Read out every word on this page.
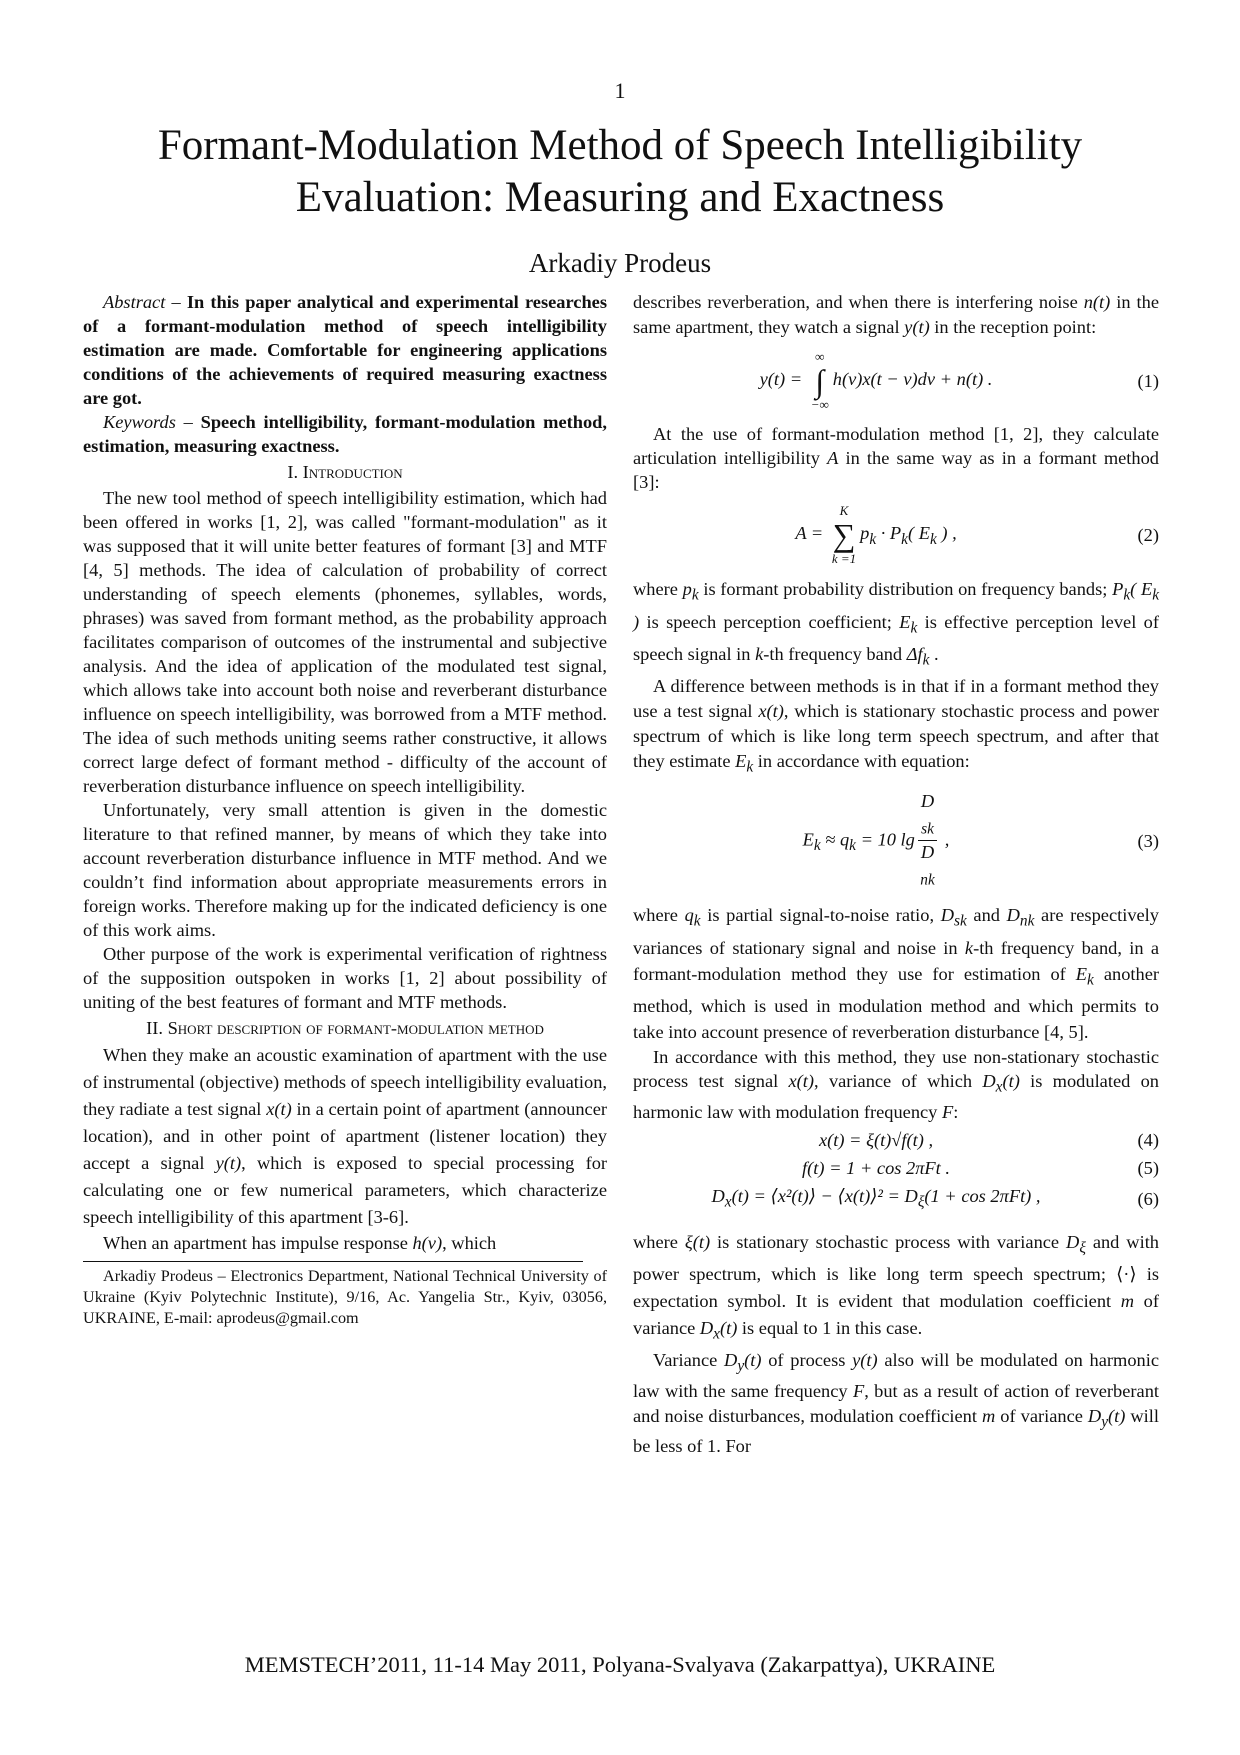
1
Formant-Modulation Method of Speech Intelligibility Evaluation: Measuring and Exactness
Arkadiy Prodeus

Abstract – In this paper analytical and experimental researches of a formant-modulation method of speech intelligibility estimation are made. Comfortable for engineering applications conditions of the achievements of required measuring exactness are got.

Keywords – Speech intelligibility, formant-modulation method, estimation, measuring exactness.

I. Introduction

The new tool method of speech intelligibility estimation, which had been offered in works [1, 2], was called "formant-modulation" as it was supposed that it will unite better features of formant [3] and MTF [4, 5] methods. The idea of calculation of probability of correct understanding of speech elements (phonemes, syllables, words, phrases) was saved from formant method, as the probability approach facilitates comparison of outcomes of the instrumental and subjective analysis. And the idea of application of the modulated test signal, which allows take into account both noise and reverberant disturbance influence on speech intelligibility, was borrowed from a MTF method. The idea of such methods uniting seems rather constructive, it allows correct large defect of formant method - difficulty of the account of reverberation disturbance influence on speech intelligibility.

Unfortunately, very small attention is given in the domestic literature to that refined manner, by means of which they take into account reverberation disturbance influence in MTF method. And we couldn’t find information about appropriate measurements errors in foreign works. Therefore making up for the indicated deficiency is one of this work aims.

Other purpose of the work is experimental verification of rightness of the supposition outspoken in works [1, 2] about possibility of uniting of the best features of formant and MTF methods.

II. Short description of formant-modulation method

When they make an acoustic examination of apartment with the use of instrumental (objective) methods of speech intelligibility evaluation, they radiate a test signal x(t) in a certain point of apartment (announcer location), and in other point of apartment (listener location) they accept a signal y(t), which is exposed to special processing for calculating one or few numerical parameters, which characterize speech intelligibility of this apartment [3-6].

When an apartment has impulse response h(v), which

Arkadiy Prodeus – Electronics Department, National Technical University of Ukraine (Kyiv Polytechnic Institute), 9/16, Ac. Yangelia Str., Kyiv, 03056, UKRAINE, E-mail: aprodeus@gmail.com

describes reverberation, and when there is interfering noise n(t) in the same apartment, they watch a signal y(t) in the reception point:

y(t) =
∞
∫
−∞
h(v)x(t − v)dv + n(t) .	(1)

At the use of formant-modulation method [1, 2], they calculate articulation intelligibility A in the same way as in a formant method [3]:

A =
K
∑
k =1
$p_k \cdot P_k$( $E_k$ ) ,	(2)

where $p_k$ is formant probability distribution on frequency bands; $P_k$( $E_k$ ) is speech perception coefficient; $E_k$ is effective perception level of speech signal in k-th frequency band $\Delta f_k$ .

A difference between methods is in that if in a formant method they use a test signal x(t), which is stationary stochastic process and power spectrum of which is like long term speech spectrum, and after that they estimate $E_k$ in accordance with equation:

$E_k \approx q_k = 10$ lg D
$_{sk}$
D
$_{nk}$ ,	(3)

where $q_k$ is partial signal-to-noise ratio, $D_{sk}$ and $D_{nk}$ are respectively variances of stationary signal and noise in k-th frequency band, in a formant-modulation method they use for estimation of $E_k$ another method, which is used in modulation method and which permits to take into account presence of reverberation disturbance [4, 5].

In accordance with this method, they use non-stationary stochastic process test signal x(t), variance of which $D_x(t)$ is modulated on harmonic law with modulation frequency F:

x(t) = ξ(t)√f(t) ,	(4)
f(t) = 1 + cos 2πFt .	(5)
$D_x(t)$ = ⟨x²(t)⟩ − ⟨x(t)⟩² = $D_\xi(1 + \cos 2\pi Ft)$ ,	(6)

where ξ(t) is stationary stochastic process with variance $D_\xi$ and with power spectrum, which is like long term speech spectrum; ⟨·⟩ is expectation symbol. It is evident that modulation coefficient m of variance $D_x(t)$ is equal to 1 in this case.

Variance $D_y(t)$ of process y(t) also will be modulated on harmonic law with the same frequency F, but as a result of action of reverberant and noise disturbances, modulation coefficient m of variance $D_y(t)$ will be less of 1. For

MEMSTECH’2011, 11-14 May 2011, Polyana-Svalyava (Zakarpattya), UKRAINE
